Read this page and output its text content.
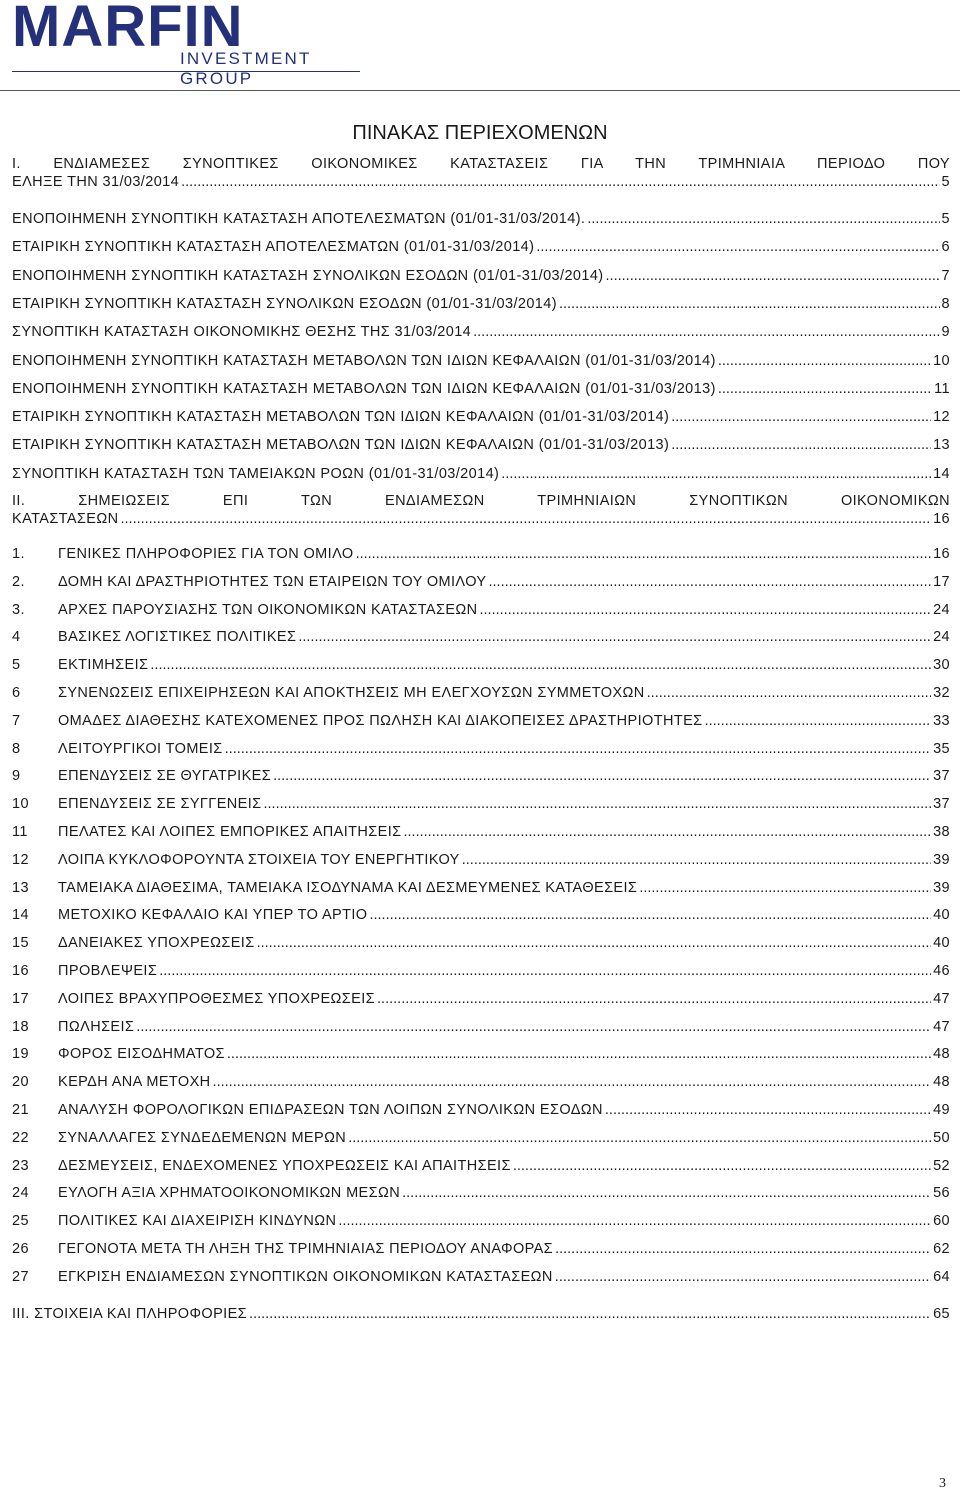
MARFIN
INVESTMENT GROUP
ΠΙΝΑΚΑΣ ΠΕΡΙΕΧΟΜΕΝΩΝ
I. ΕΝΔΙΑΜΕΣΕΣ ΣΥΝΟΠΤΙΚΕΣ ΟΙΚΟΝΟΜΙΚΕΣ ΚΑΤΑΣΤΑΣΕΙΣ ΓΙΑ ΤΗΝ ΤΡΙΜΗΝΙΑΙΑ ΠΕΡΙΟΔΟ ΠΟΥ
ΕΛΗΞΕ ΤΗΝ 31/03/2014 .....	5
ΕΝΟΠΟΙΗΜΕΝΗ ΣΥΝΟΠΤΙΚΗ ΚΑΤΑΣΤΑΣΗ ΑΠΟΤΕΛΕΣΜΑΤΩΝ (01/01-31/03/2014). .....	5
ΕΤΑΙΡΙΚΗ ΣΥΝΟΠΤΙΚΗ ΚΑΤΑΣΤΑΣΗ ΑΠΟΤΕΛΕΣΜΑΤΩΝ (01/01-31/03/2014) .....	6
ΕΝΟΠΟΙΗΜΕΝΗ ΣΥΝΟΠΤΙΚΗ ΚΑΤΑΣΤΑΣΗ ΣΥΝΟΛΙΚΩΝ ΕΣΟΔΩΝ (01/01-31/03/2014) .....	7
ΕΤΑΙΡΙΚΗ ΣΥΝΟΠΤΙΚΗ ΚΑΤΑΣΤΑΣΗ ΣΥΝΟΛΙΚΩΝ ΕΣΟΔΩΝ (01/01-31/03/2014) .....	8
ΣΥΝΟΠΤΙΚΗ ΚΑΤΑΣΤΑΣΗ ΟΙΚΟΝΟΜΙΚΗΣ ΘΕΣΗΣ ΤΗΣ 31/03/2014 .....	9
ΕΝΟΠΟΙΗΜΕΝΗ ΣΥΝΟΠΤΙΚΗ ΚΑΤΑΣΤΑΣΗ ΜΕΤΑΒΟΛΩΝ ΤΩΝ ΙΔΙΩΝ ΚΕΦΑΛΑΙΩΝ (01/01-31/03/2014) .....	10
ΕΝΟΠΟΙΗΜΕΝΗ ΣΥΝΟΠΤΙΚΗ ΚΑΤΑΣΤΑΣΗ ΜΕΤΑΒΟΛΩΝ ΤΩΝ ΙΔΙΩΝ ΚΕΦΑΛΑΙΩΝ (01/01-31/03/2013) .....	11
ΕΤΑΙΡΙΚΗ ΣΥΝΟΠΤΙΚΗ ΚΑΤΑΣΤΑΣΗ ΜΕΤΑΒΟΛΩΝ ΤΩΝ ΙΔΙΩΝ ΚΕΦΑΛΑΙΩΝ (01/01-31/03/2014) .....	12
ΕΤΑΙΡΙΚΗ ΣΥΝΟΠΤΙΚΗ ΚΑΤΑΣΤΑΣΗ ΜΕΤΑΒΟΛΩΝ ΤΩΝ ΙΔΙΩΝ ΚΕΦΑΛΑΙΩΝ (01/01-31/03/2013) .....	13
ΣΥΝΟΠΤΙΚΗ ΚΑΤΑΣΤΑΣΗ ΤΩΝ ΤΑΜΕΙΑΚΩΝ ΡΟΩΝ (01/01-31/03/2014) .....	14
II. ΣΗΜΕΙΩΣΕΙΣ ΕΠΙ ΤΩΝ ΕΝΔΙΑΜΕΣΩΝ ΤΡΙΜΗΝΙΑΙΩΝ ΣΥΝΟΠΤΙΚΩΝ ΟΙΚΟΝΟΜΙΚΩΝ
ΚΑΤΑΣΤΑΣΕΩΝ .....	16
1.	ΓΕΝΙΚΕΣ ΠΛΗΡΟΦΟΡΙΕΣ ΓΙΑ ΤΟΝ ΟΜΙΛΟ .....	16
2.	ΔΟΜΗ ΚΑΙ ΔΡΑΣΤΗΡΙΟΤΗΤΕΣ ΤΩΝ ΕΤΑΙΡΕΙΩΝ ΤΟΥ ΟΜΙΛΟΥ .....	17
3.	ΑΡΧΕΣ ΠΑΡΟΥΣΙΑΣΗΣ ΤΩΝ ΟΙΚΟΝΟΜΙΚΩΝ ΚΑΤΑΣΤΑΣΕΩΝ .....	24
4	ΒΑΣΙΚΕΣ ΛΟΓΙΣΤΙΚΕΣ ΠΟΛΙΤΙΚΕΣ .....	24
5	ΕΚΤΙΜΗΣΕΙΣ .....	30
6	ΣΥΝΕΝΩΣΕΙΣ ΕΠΙΧΕΙΡΗΣΕΩΝ ΚΑΙ ΑΠΟΚΤΗΣΕΙΣ ΜΗ ΕΛΕΓΧΟΥΣΩΝ ΣΥΜΜΕΤΟΧΩΝ .....	32
7	ΟΜΑΔΕΣ ΔΙΑΘΕΣΗΣ ΚΑΤΕΧΟΜΕΝΕΣ ΠΡΟΣ ΠΩΛΗΣΗ ΚΑΙ ΔΙΑΚΟΠΕΙΣΕΣ ΔΡΑΣΤΗΡΙΟΤΗΤΕΣ .....	33
8	ΛΕΙΤΟΥΡΓΙΚΟΙ ΤΟΜΕΙΣ .....	35
9	ΕΠΕΝΔΥΣΕΙΣ ΣΕ ΘΥΓΑΤΡΙΚΕΣ .....	37
10	ΕΠΕΝΔΥΣΕΙΣ ΣΕ ΣΥΓΓΕΝΕΙΣ .....	37
11	ΠΕΛΑΤΕΣ ΚΑΙ ΛΟΙΠΕΣ ΕΜΠΟΡΙΚΕΣ ΑΠΑΙΤΗΣΕΙΣ .....	38
12	ΛΟΙΠΑ ΚΥΚΛΟΦΟΡΟΥΝΤΑ ΣΤΟΙΧΕΙΑ ΤΟΥ ΕΝΕΡΓΗΤΙΚΟΥ .....	39
13	ΤΑΜΕΙΑΚΑ ΔΙΑΘΕΣΙΜΑ, ΤΑΜΕΙΑΚΑ ΙΣΟΔΥΝΑΜΑ ΚΑΙ ΔΕΣΜΕΥΜΕΝΕΣ ΚΑΤΑΘΕΣΕΙΣ .....	39
14	ΜΕΤΟΧΙΚΟ ΚΕΦΑΛΑΙΟ ΚΑΙ ΥΠΕΡ ΤΟ ΑΡΤΙΟ .....	40
15	ΔΑΝΕΙΑΚΕΣ ΥΠΟΧΡΕΩΣΕΙΣ .....	40
16	ΠΡΟΒΛΕΨΕΙΣ .....	46
17	ΛΟΙΠΕΣ ΒΡΑΧΥΠΡΟΘΕΣΜΕΣ ΥΠΟΧΡΕΩΣΕΙΣ .....	47
18	ΠΩΛΗΣΕΙΣ .....	47
19	ΦΟΡΟΣ ΕΙΣΟΔΗΜΑΤΟΣ .....	48
20	ΚΕΡΔΗ ΑΝΑ ΜΕΤΟΧΗ .....	48
21	ΑΝΑΛΥΣΗ ΦΟΡΟΛΟΓΙΚΩΝ ΕΠΙΔΡΑΣΕΩΝ ΤΩΝ ΛΟΙΠΩΝ ΣΥΝΟΛΙΚΩΝ ΕΣΟΔΩΝ .....	49
22	ΣΥΝΑΛΛΑΓΕΣ ΣΥΝΔΕΔΕΜΕΝΩΝ ΜΕΡΩΝ .....	50
23	ΔΕΣΜΕΥΣΕΙΣ, ΕΝΔΕΧΟΜΕΝΕΣ ΥΠΟΧΡΕΩΣΕΙΣ ΚΑΙ ΑΠΑΙΤΗΣΕΙΣ .....	52
24	ΕΥΛΟΓΗ ΑΞΙΑ ΧΡΗΜΑΤΟΟΙΚΟΝΟΜΙΚΩΝ ΜΕΣΩΝ .....	56
25	ΠΟΛΙΤΙΚΕΣ ΚΑΙ ΔΙΑΧΕΙΡΙΣΗ ΚΙΝΔΥΝΩΝ .....	60
26	ΓΕΓΟΝΟΤΑ ΜΕΤΑ ΤΗ ΛΗΞΗ ΤΗΣ ΤΡΙΜΗΝΙΑΙΑΣ ΠΕΡΙΟΔΟΥ ΑΝΑΦΟΡΑΣ .....	62
27	ΕΓΚΡΙΣΗ ΕΝΔΙΑΜΕΣΩΝ ΣΥΝΟΠΤΙΚΩΝ ΟΙΚΟΝΟΜΙΚΩΝ ΚΑΤΑΣΤΑΣΕΩΝ .....	64
III. ΣΤΟΙΧΕΙΑ ΚΑΙ ΠΛΗΡΟΦΟΡΙΕΣ .....	65
3
